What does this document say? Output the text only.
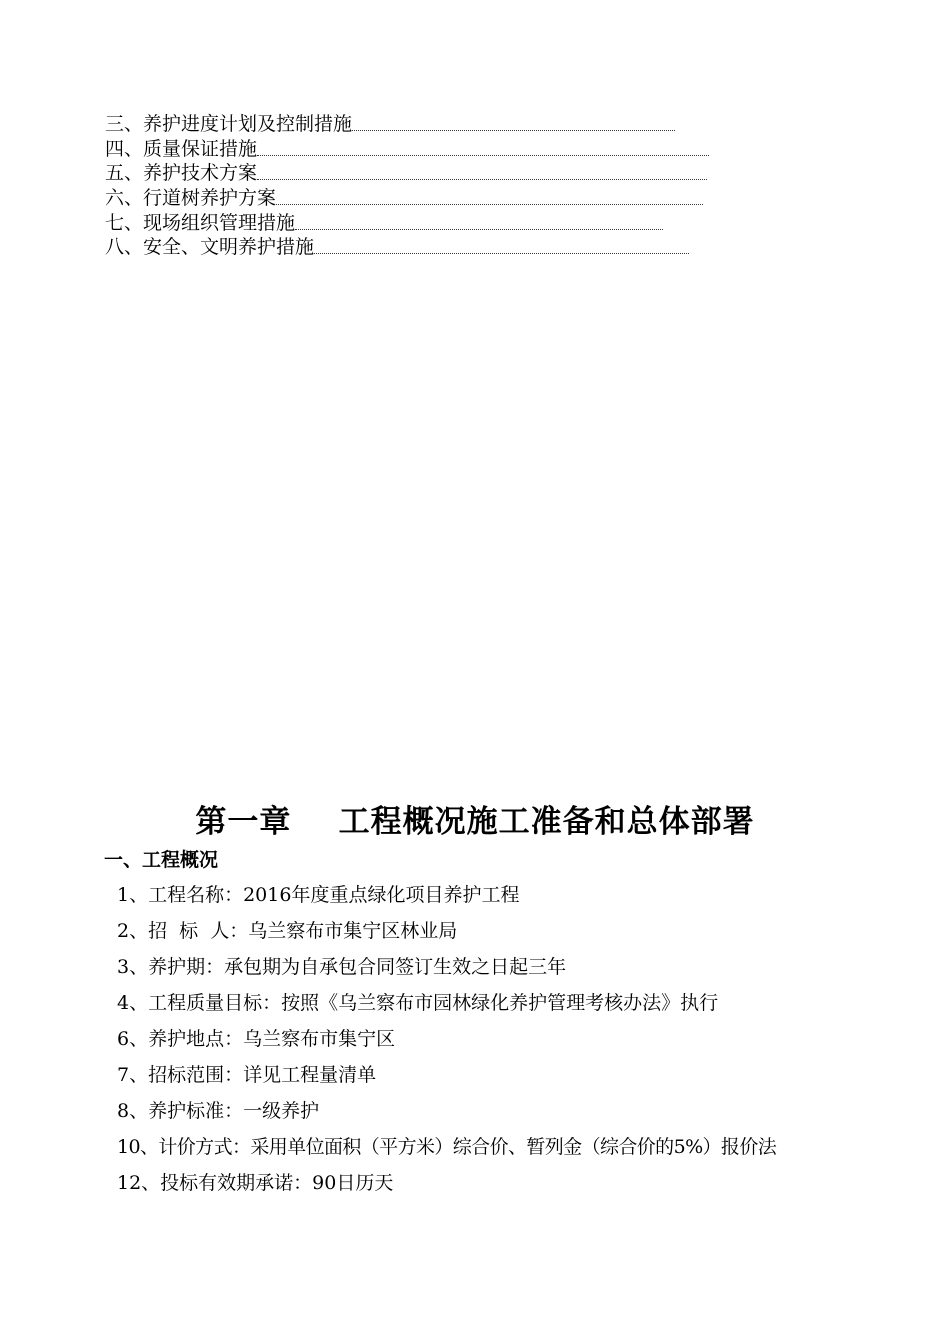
三、养护进度计划及控制措施
四、质量保证措施
五、养护技术方案
六、行道树养护方案
七、现场组织管理措施
八、安全、文明养护措施
第一章    工程概况施工准备和总体部署
一、工程概况
1、工程名称：2016年度重点绿化项目养护工程
2、招  标  人：乌兰察布市集宁区林业局
3、养护期：承包期为自承包合同签订生效之日起三年
4、工程质量目标：按照《乌兰察布市园林绿化养护管理考核办法》执行
6、养护地点：乌兰察布市集宁区
7、招标范围：详见工程量清单
8、养护标准：一级养护
10、计价方式：采用单位面积（平方米）综合价、暂列金（综合价的5%）报价法
12、投标有效期承诺：90日历天
